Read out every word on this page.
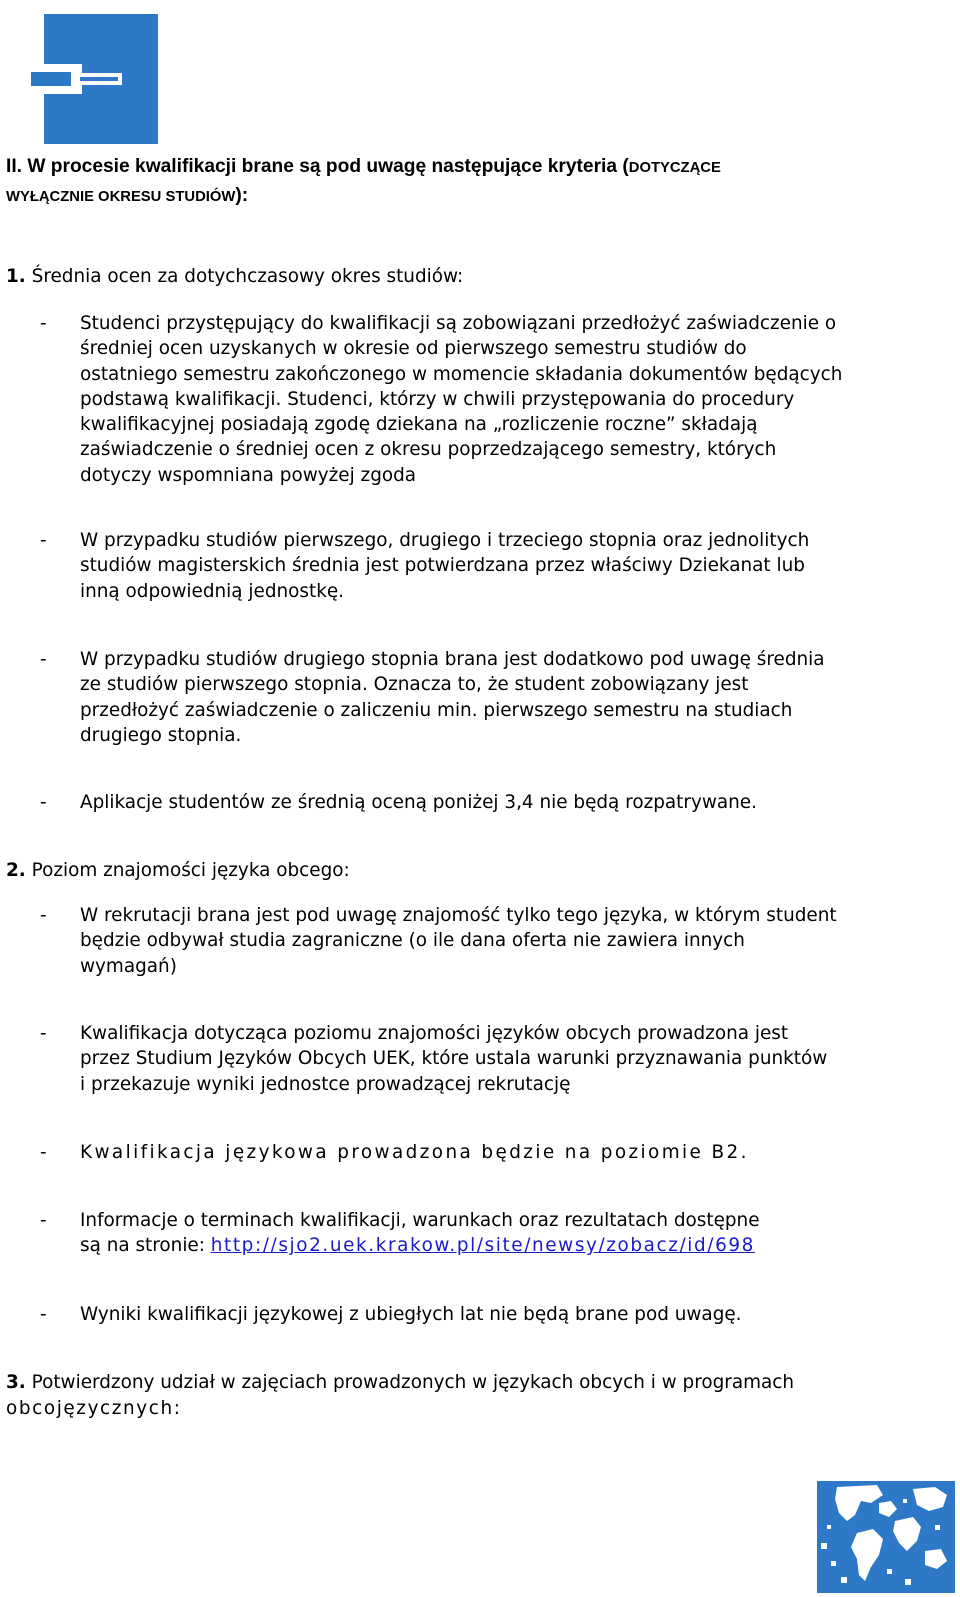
II. W procesie kwalifikacji brane są pod uwagę następujące kryteria (DOTYCZĄCE
WYŁĄCZNIE OKRESU STUDIÓW):
1. Średnia ocen za dotychczasowy okres studiów:
- Studenci przystępujący do kwalifikacji są zobowiązani przedłożyć zaświadczenie o

średniej ocen uzyskanych w okresie od pierwszego semestru studiów do

ostatniego semestru zakończonego w momencie składania dokumentów będących

podstawą kwalifikacji. Studenci, którzy w chwili przystępowania do procedury

kwalifikacyjnej posiadają zgodę dziekana na „rozliczenie roczne” składają

zaświadczenie o średniej ocen z okresu poprzedzającego semestry, których

dotyczy wspomniana powyżej zgoda

- W przypadku studiów pierwszego, drugiego i trzeciego stopnia oraz jednolitych

studiów magisterskich średnia jest potwierdzana przez właściwy Dziekanat lub

inną odpowiednią jednostkę.

- W przypadku studiów drugiego stopnia brana jest dodatkowo pod uwagę średnia

ze studiów pierwszego stopnia. Oznacza to, że student zobowiązany jest

przedłożyć zaświadczenie o zaliczeniu min. pierwszego semestru na studiach

drugiego stopnia.

- Aplikacje studentów ze średnią oceną poniżej 3,4 nie będą rozpatrywane.

2. Poziom znajomości języka obcego:
- W rekrutacji brana jest pod uwagę znajomość tylko tego języka, w którym student

będzie odbywał studia zagraniczne (o ile dana oferta nie zawiera innych

wymagań)

- Kwalifikacja dotycząca poziomu znajomości języków obcych prowadzona jest

przez Studium Języków Obcych UEK, które ustala warunki przyznawania punktów

i przekazuje wyniki jednostce prowadzącej rekrutację

- Kwalifikacja językowa prowadzona będzie na poziomie B2.

- Informacje o terminach kwalifikacji, warunkach oraz rezultatach dostępne

są na stronie: http://sjo2.uek.krakow.pl/site/newsy/zobacz/id/698

- Wyniki kwalifikacji językowej z ubiegłych lat nie będą brane pod uwagę.

3. Potwierdzony udział w zajęciach prowadzonych w językach obcych i w programach
obcojęzycznych:
